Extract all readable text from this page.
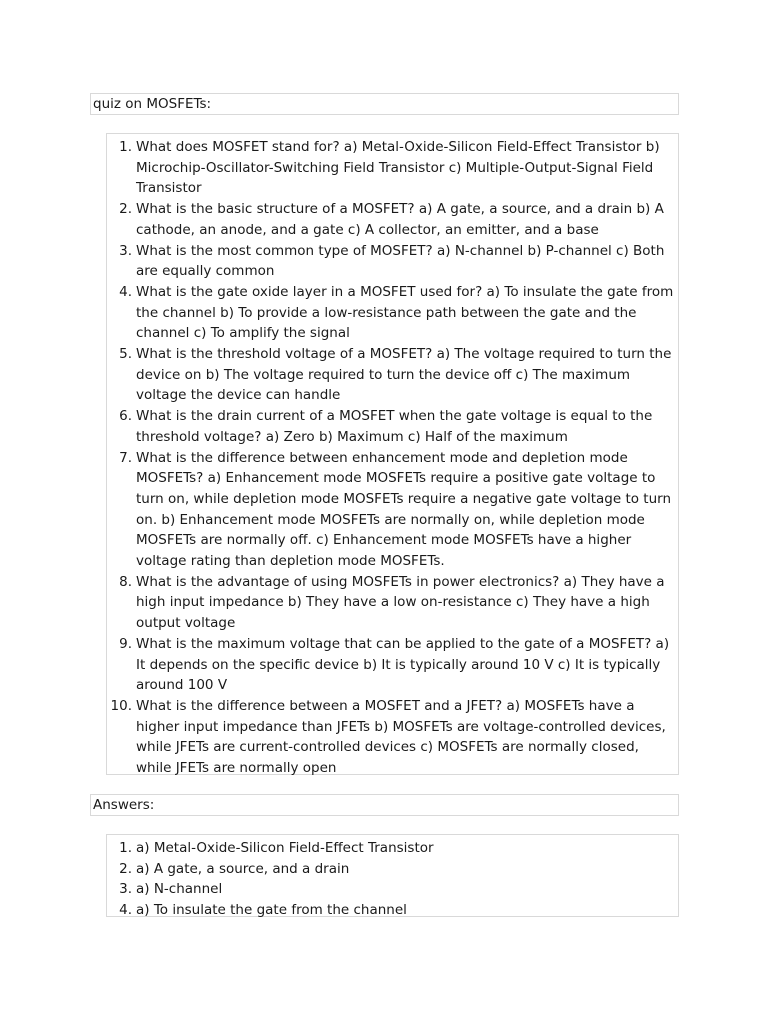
quiz on MOSFETs:
1. What does MOSFET stand for? a) Metal-Oxide-Silicon Field-Effect Transistor b) Microchip-Oscillator-Switching Field Transistor c) Multiple-Output-Signal Field Transistor
2. What is the basic structure of a MOSFET? a) A gate, a source, and a drain b) A cathode, an anode, and a gate c) A collector, an emitter, and a base
3. What is the most common type of MOSFET? a) N-channel b) P-channel c) Both are equally common
4. What is the gate oxide layer in a MOSFET used for? a) To insulate the gate from the channel b) To provide a low-resistance path between the gate and the channel c) To amplify the signal
5. What is the threshold voltage of a MOSFET? a) The voltage required to turn the device on b) The voltage required to turn the device off c) The maximum voltage the device can handle
6. What is the drain current of a MOSFET when the gate voltage is equal to the threshold voltage? a) Zero b) Maximum c) Half of the maximum
7. What is the difference between enhancement mode and depletion mode MOSFETs? a) Enhancement mode MOSFETs require a positive gate voltage to turn on, while depletion mode MOSFETs require a negative gate voltage to turn on. b) Enhancement mode MOSFETs are normally on, while depletion mode MOSFETs are normally off. c) Enhancement mode MOSFETs have a higher voltage rating than depletion mode MOSFETs.
8. What is the advantage of using MOSFETs in power electronics? a) They have a high input impedance b) They have a low on-resistance c) They have a high output voltage
9. What is the maximum voltage that can be applied to the gate of a MOSFET? a) It depends on the specific device b) It is typically around 10 V c) It is typically around 100 V
10. What is the difference between a MOSFET and a JFET? a) MOSFETs have a higher input impedance than JFETs b) MOSFETs are voltage-controlled devices, while JFETs are current-controlled devices c) MOSFETs are normally closed, while JFETs are normally open
Answers:
1. a) Metal-Oxide-Silicon Field-Effect Transistor
2. a) A gate, a source, and a drain
3. a) N-channel
4. a) To insulate the gate from the channel
